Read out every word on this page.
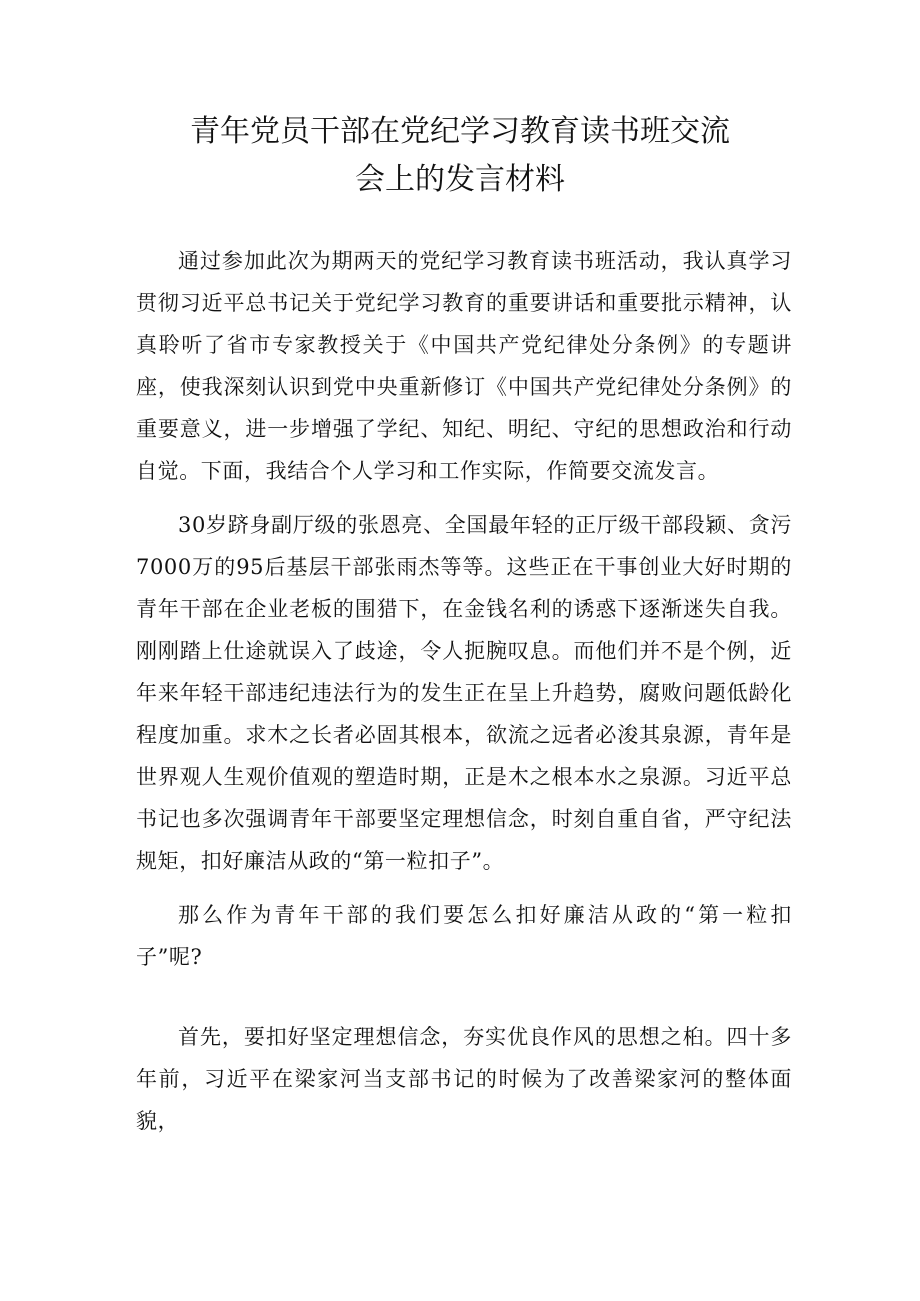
青年党员干部在党纪学习教育读书班交流
会上的发言材料

通过参加此次为期两天的党纪学习教育读书班活动，我认真学习贯彻习近平总书记关于党纪学习教育的重要讲话和重要批示精神，认真聆听了省市专家教授关于《中国共产党纪律处分条例》的专题讲座，使我深刻认识到党中央重新修订《中国共产党纪律处分条例》的重要意义，进一步增强了学纪、知纪、明纪、守纪的思想政治和行动自觉。下面，我结合个人学习和工作实际，作简要交流发言。

30岁跻身副厅级的张恩亮、全国最年轻的正厅级干部段颖、贪污7000万的95后基层干部张雨杰等等。这些正在干事创业大好时期的青年干部在企业老板的围猎下，在金钱名利的诱惑下逐渐迷失自我。刚刚踏上仕途就误入了歧途，令人扼腕叹息。而他们并不是个例，近年来年轻干部违纪违法行为的发生正在呈上升趋势，腐败问题低龄化程度加重。求木之长者必固其根本，欲流之远者必浚其泉源，青年是世界观人生观价值观的塑造时期，正是木之根本水之泉源。习近平总书记也多次强调青年干部要坚定理想信念，时刻自重自省，严守纪法规矩，扣好廉洁从政的“第一粒扣子”。

那么作为青年干部的我们要怎么扣好廉洁从政的“第一粒扣子”呢?

首先，要扣好坚定理想信念，夯实优良作风的思想之桕。四十多年前，习近平在梁家河当支部书记的时候为了改善梁家河的整体面貌，
